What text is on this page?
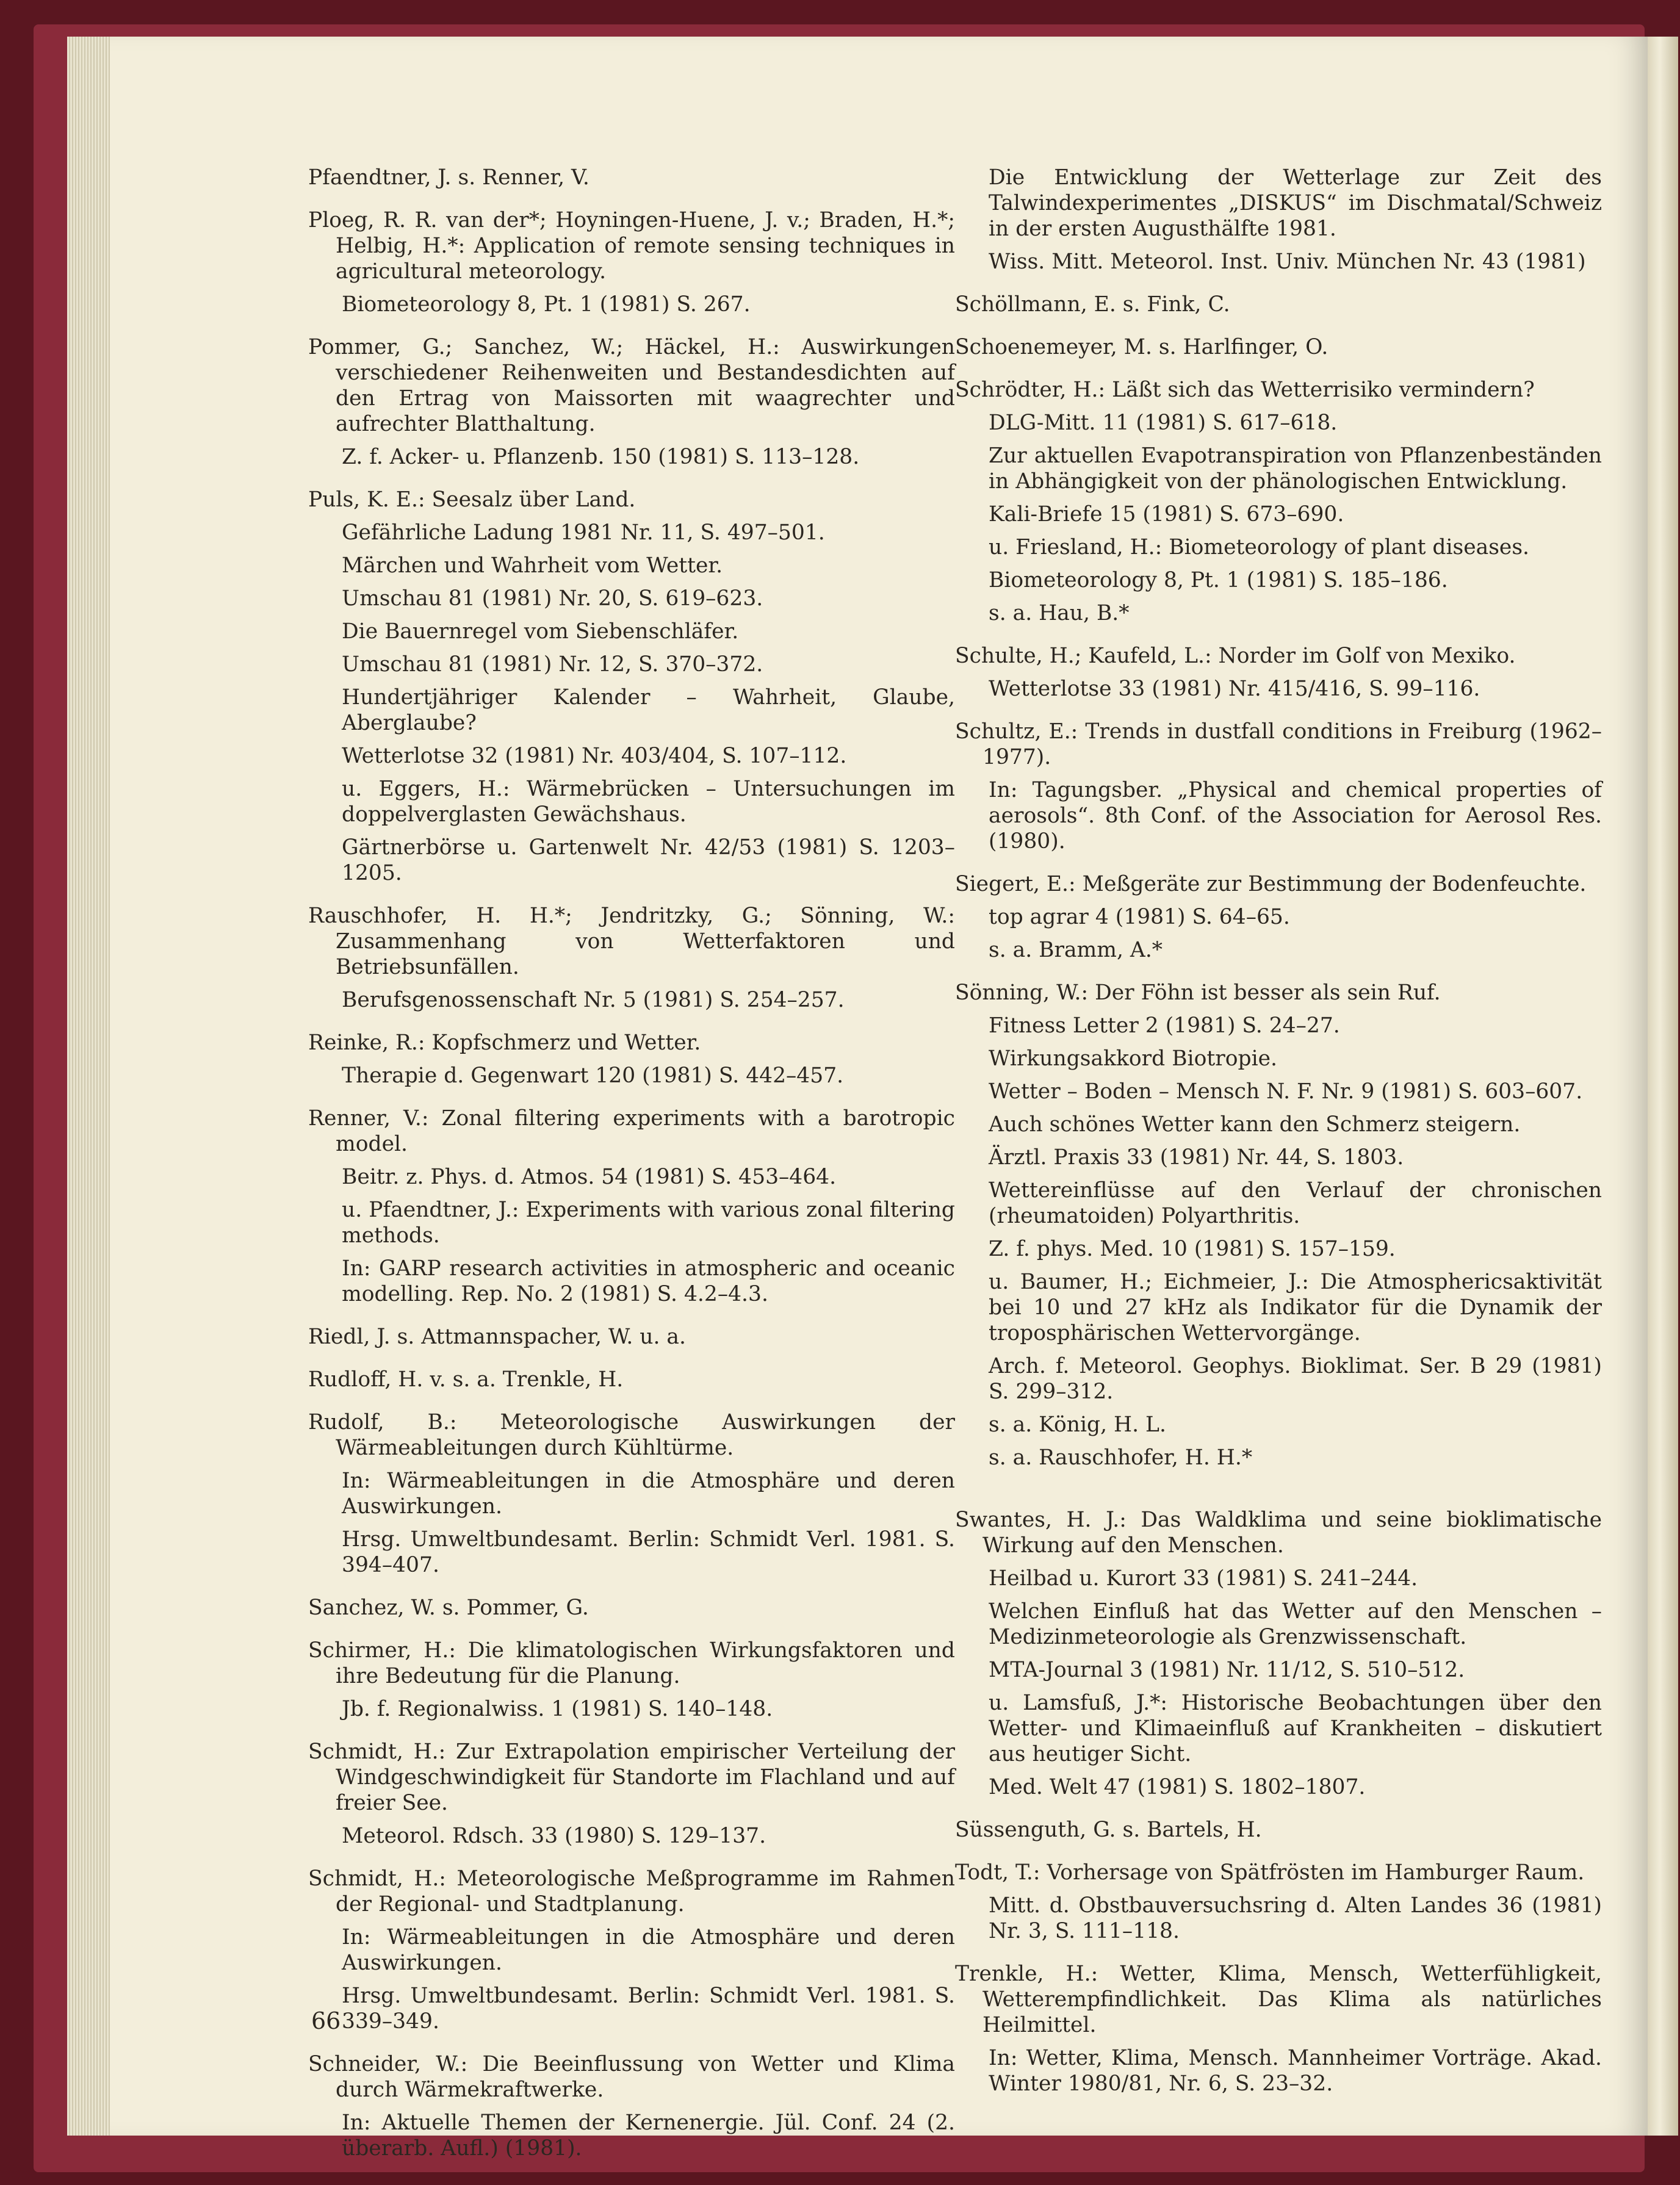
Pfaendtner, J. s. Renner, V.
Ploeg, R. R. van der*; Hoyningen-Huene, J. v.; Braden, H.*; Helbig, H.*: Application of remote sensing techniques in agricultural meteorology.
Biometeorology 8, Pt. 1 (1981) S. 267.
Pommer, G.; Sanchez, W.; Häckel, H.: Auswirkungen verschiedener Reihenweiten und Bestandesdichten auf den Ertrag von Maissorten mit waagrechter und aufrechter Blatthaltung.
Z. f. Acker- u. Pflanzenb. 150 (1981) S. 113–128.
Puls, K. E.: Seesalz über Land.
Gefährliche Ladung 1981 Nr. 11, S. 497–501.
Märchen und Wahrheit vom Wetter.
Umschau 81 (1981) Nr. 20, S. 619–623.
Die Bauernregel vom Siebenschläfer.
Umschau 81 (1981) Nr. 12, S. 370–372.
Hundertjähriger Kalender – Wahrheit, Glaube, Aberglaube?
Wetterlotse 32 (1981) Nr. 403/404, S. 107–112.
u. Eggers, H.: Wärmebrücken – Untersuchungen im doppelverglasten Gewächshaus.
Gärtnerbörse u. Gartenwelt Nr. 42/53 (1981) S. 1203–1205.
Rauschhofer, H. H.*; Jendritzky, G.; Sönning, W.: Zusammenhang von Wetterfaktoren und Betriebsunfällen.
Berufsgenossenschaft Nr. 5 (1981) S. 254–257.
Reinke, R.: Kopfschmerz und Wetter.
Therapie d. Gegenwart 120 (1981) S. 442–457.
Renner, V.: Zonal filtering experiments with a barotropic model.
Beitr. z. Phys. d. Atmos. 54 (1981) S. 453–464.
u. Pfaendtner, J.: Experiments with various zonal filtering methods.
In: GARP research activities in atmospheric and oceanic modelling. Rep. No. 2 (1981) S. 4.2–4.3.
Riedl, J. s. Attmannspacher, W. u. a.
Rudloff, H. v. s. a. Trenkle, H.
Rudolf, B.: Meteorologische Auswirkungen der Wärmeableitungen durch Kühltürme.
In: Wärmeableitungen in die Atmosphäre und deren Auswirkungen.
Hrsg. Umweltbundesamt. Berlin: Schmidt Verl. 1981. S. 394–407.
Sanchez, W. s. Pommer, G.
Schirmer, H.: Die klimatologischen Wirkungsfaktoren und ihre Bedeutung für die Planung.
Jb. f. Regionalwiss. 1 (1981) S. 140–148.
Schmidt, H.: Zur Extrapolation empirischer Verteilung der Windgeschwindigkeit für Standorte im Flachland und auf freier See.
Meteorol. Rdsch. 33 (1980) S. 129–137.
Schmidt, H.: Meteorologische Meßprogramme im Rahmen der Regional- und Stadtplanung.
In: Wärmeableitungen in die Atmosphäre und deren Auswirkungen.
Hrsg. Umweltbundesamt. Berlin: Schmidt Verl. 1981. S. 339–349.
Schneider, W.: Die Beeinflussung von Wetter und Klima durch Wärmekraftwerke.
In: Aktuelle Themen der Kernenergie. Jül. Conf. 24 (2. überarb. Aufl.) (1981).
Die Entwicklung der Wetterlage zur Zeit des Talwindexperimentes „DISKUS“ im Dischmatal/Schweiz in der ersten Augusthälfte 1981.
Wiss. Mitt. Meteorol. Inst. Univ. München Nr. 43 (1981)
Schöllmann, E. s. Fink, C.
Schoenemeyer, M. s. Harlfinger, O.
Schrödter, H.: Läßt sich das Wetterrisiko vermindern?
DLG-Mitt. 11 (1981) S. 617–618.
Zur aktuellen Evapotranspiration von Pflanzenbeständen in Abhängigkeit von der phänologischen Entwicklung.
Kali-Briefe 15 (1981) S. 673–690.
u. Friesland, H.: Biometeorology of plant diseases.
Biometeorology 8, Pt. 1 (1981) S. 185–186.
s. a. Hau, B.*
Schulte, H.; Kaufeld, L.: Norder im Golf von Mexiko.
Wetterlotse 33 (1981) Nr. 415/416, S. 99–116.
Schultz, E.: Trends in dustfall conditions in Freiburg (1962–1977).
In: Tagungsber. „Physical and chemical properties of aerosols“. 8th Conf. of the Association for Aerosol Res. (1980).
Siegert, E.: Meßgeräte zur Bestimmung der Bodenfeuchte.
top agrar 4 (1981) S. 64–65.
s. a. Bramm, A.*
Sönning, W.: Der Föhn ist besser als sein Ruf.
Fitness Letter 2 (1981) S. 24–27.
Wirkungsakkord Biotropie.
Wetter – Boden – Mensch N. F. Nr. 9 (1981) S. 603–607.
Auch schönes Wetter kann den Schmerz steigern.
Ärztl. Praxis 33 (1981) Nr. 44, S. 1803.
Wettereinflüsse auf den Verlauf der chronischen (rheumatoiden) Polyarthritis.
Z. f. phys. Med. 10 (1981) S. 157–159.
u. Baumer, H.; Eichmeier, J.: Die Atmosphericsaktivität bei 10 und 27 kHz als Indikator für die Dynamik der troposphärischen Wettervorgänge.
Arch. f. Meteorol. Geophys. Bioklimat. Ser. B 29 (1981) S. 299–312.
s. a. König, H. L.
s. a. Rauschhofer, H. H.*
Swantes, H. J.: Das Waldklima und seine bioklimatische Wirkung auf den Menschen.
Heilbad u. Kurort 33 (1981) S. 241–244.
Welchen Einfluß hat das Wetter auf den Menschen – Medizinmeteorologie als Grenzwissenschaft.
MTA-Journal 3 (1981) Nr. 11/12, S. 510–512.
u. Lamsfuß, J.*: Historische Beobachtungen über den Wetter- und Klimaeinfluß auf Krankheiten – diskutiert aus heutiger Sicht.
Med. Welt 47 (1981) S. 1802–1807.
Süssenguth, G. s. Bartels, H.
Todt, T.: Vorhersage von Spätfrösten im Hamburger Raum.
Mitt. d. Obstbauversuchsring d. Alten Landes 36 (1981) Nr. 3, S. 111–118.
Trenkle, H.: Wetter, Klima, Mensch, Wetterfühligkeit, Wetterempfindlichkeit. Das Klima als natürliches Heilmittel.
In: Wetter, Klima, Mensch. Mannheimer Vorträge. Akad. Winter 1980/81, Nr. 6, S. 23–32.
66
